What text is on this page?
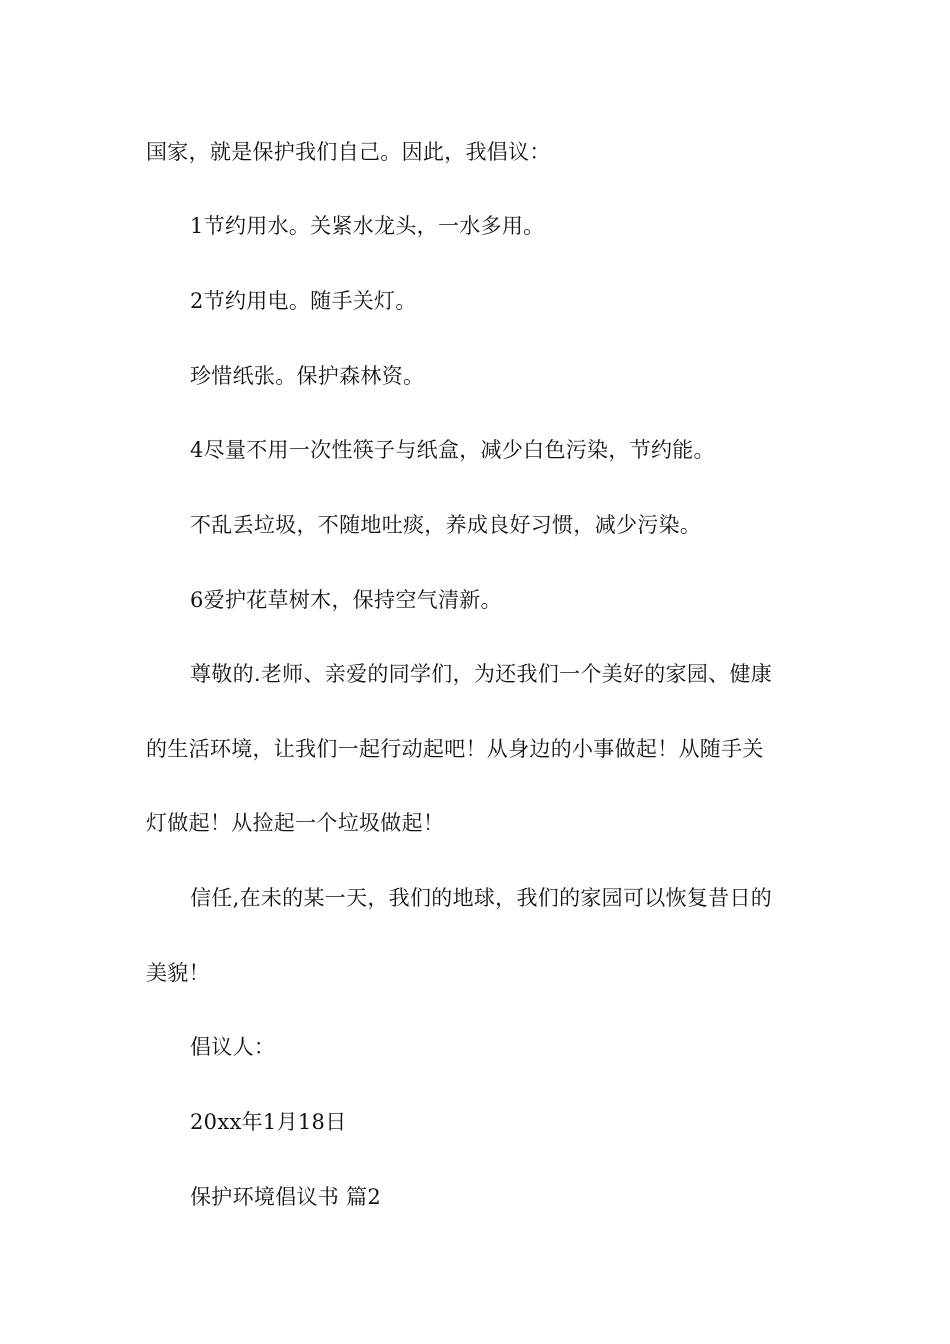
国家，就是保护我们自己。因此，我倡议：
1节约用水。关紧水龙头，一水多用。
2节约用电。随手关灯。
珍惜纸张。保护森林资。
4尽量不用一次性筷子与纸盒，减少白色污染，节约能。
不乱丢垃圾，不随地吐痰，养成良好习惯，减少污染。
6爱护花草树木，保持空气清新。
尊敬的.老师、亲爱的同学们，为还我们一个美好的家园、健康
的生活环境，让我们一起行动起吧！从身边的小事做起！从随手关
灯做起！从捡起一个垃圾做起！
信任,在未的某一天，我们的地球，我们的家园可以恢复昔日的
美貌！
倡议人：
20xx年1月18日
保护环境倡议书 篇2
